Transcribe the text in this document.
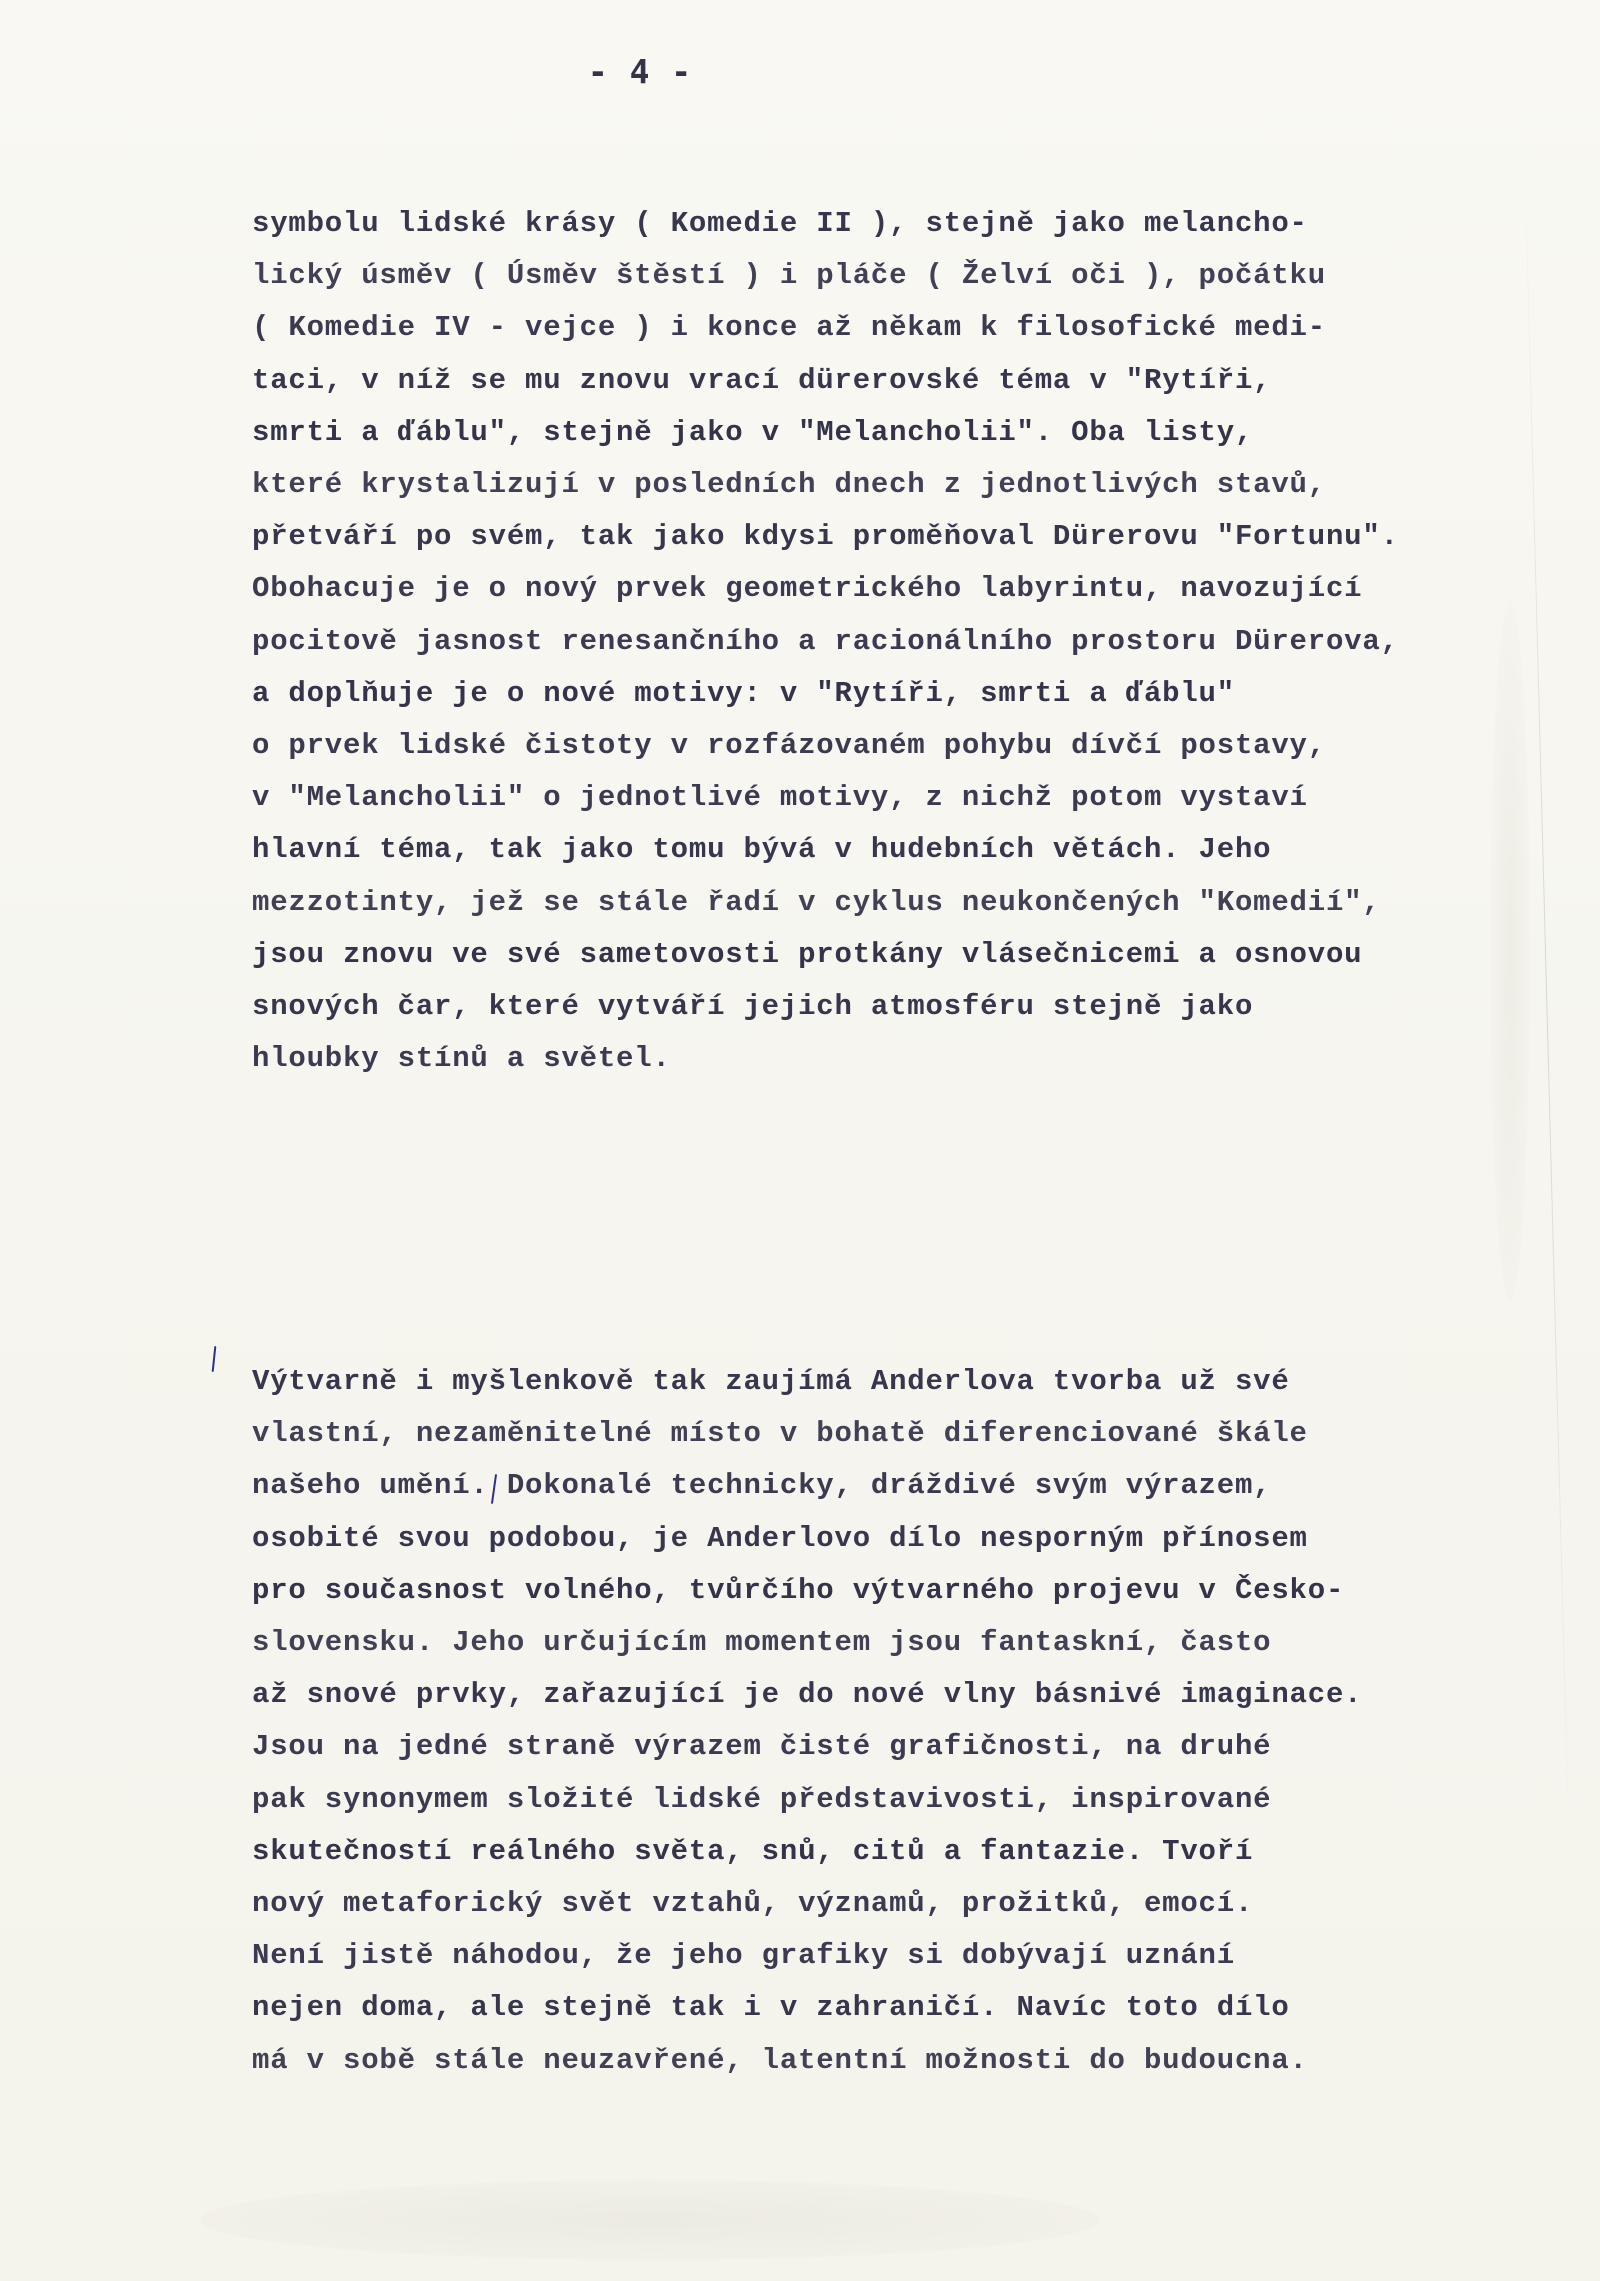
- 4 -
symbolu lidské krásy ( Komedie II ), stejně jako melancho-
lický úsměv ( Úsměv štěstí ) i pláče ( Želví oči ), počátku
( Komedie IV - vejce ) i konce až někam k filosofické medi-
taci, v níž se mu znovu vrací dürerovské téma v "Rytíři,
smrti a ďáblu", stejně jako v "Melancholii". Oba listy,
které krystalizují v posledních dnech z jednotlivých stavů,
přetváří po svém, tak jako kdysi proměňoval Dürerovu "Fortunu".
Obohacuje je o nový prvek geometrického labyrintu, navozující
pocitově jasnost renesančního a racionálního prostoru Dürerova,
a doplňuje je o nové motivy: v "Rytíři, smrti a ďáblu"
o prvek lidské čistoty v rozfázovaném pohybu dívčí postavy,
v "Melancholii" o jednotlivé motivy, z nichž potom vystaví
hlavní téma, tak jako tomu bývá v hudebních větách. Jeho
mezzotinty, jež se stále řadí v cyklus neukončených "Komedií",
jsou znovu ve své sametovosti protkány vlásečnicemi a osnovou
snových čar, které vytváří jejich atmosféru stejně jako
hloubky stínů a světel.
Výtvarně i myšlenkově tak zaujímá Anderlova tvorba už své
vlastní, nezaměnitelné místo v bohatě diferenciované škále
našeho umění. Dokonalé technicky, dráždivé svým výrazem,
osobité svou podobou, je Anderlovo dílo nesporným přínosem
pro současnost volného, tvůrčího výtvarného projevu v Česko-
slovensku. Jeho určujícím momentem jsou fantaskní, často
až snové prvky, zařazující je do nové vlny básnivé imaginace.
Jsou na jedné straně výrazem čisté grafičnosti, na druhé
pak synonymem složité lidské představivosti, inspirované
skutečností reálného světa, snů, citů a fantazie. Tvoří
nový metaforický svět vztahů, významů, prožitků, emocí.
Není jistě náhodou, že jeho grafiky si dobývají uznání
nejen doma, ale stejně tak i v zahraničí. Navíc toto dílo
má v sobě stále neuzavřené, latentní možnosti do budoucna.
